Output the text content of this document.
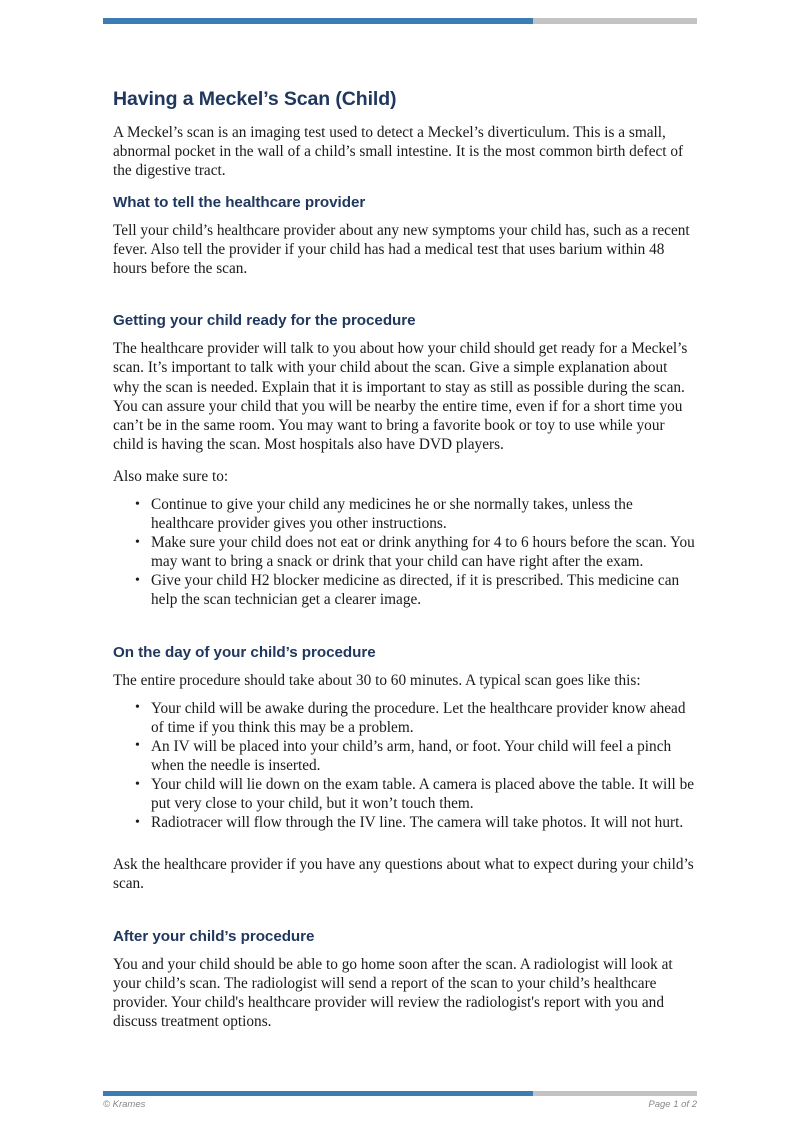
Having a Meckel’s Scan (Child)

A Meckel’s scan is an imaging test used to detect a Meckel’s diverticulum. This is a small, abnormal pocket in the wall of a child’s small intestine. It is the most common birth defect of the digestive tract.

What to tell the healthcare provider

Tell your child’s healthcare provider about any new symptoms your child has, such as a recent fever. Also tell the provider if your child has had a medical test that uses barium within 48 hours before the scan.

Getting your child ready for the procedure

The healthcare provider will talk to you about how your child should get ready for a Meckel’s scan. It’s important to talk with your child about the scan. Give a simple explanation about why the scan is needed. Explain that it is important to stay as still as possible during the scan. You can assure your child that you will be nearby the entire time, even if for a short time you can’t be in the same room. You may want to bring a favorite book or toy to use while your child is having the scan. Most hospitals also have DVD players.

Also make sure to:

• Continue to give your child any medicines he or she normally takes, unless the healthcare provider gives you other instructions.
• Make sure your child does not eat or drink anything for 4 to 6 hours before the scan. You may want to bring a snack or drink that your child can have right after the exam.
• Give your child H2 blocker medicine as directed, if it is prescribed. This medicine can help the scan technician get a clearer image.
On the day of your child’s procedure

The entire procedure should take about 30 to 60 minutes. A typical scan goes like this:

• Your child will be awake during the procedure. Let the healthcare provider know ahead of time if you think this may be a problem.
• An IV will be placed into your child’s arm, hand, or foot. Your child will feel a pinch when the needle is inserted.
• Your child will lie down on the exam table. A camera is placed above the table. It will be put very close to your child, but it won’t touch them.
• Radiotracer will flow through the IV line. The camera will take photos. It will not hurt.

Ask the healthcare provider if you have any questions about what to expect during your child’s scan.

After your child’s procedure

You and your child should be able to go home soon after the scan. A radiologist will look at your child’s scan. The radiologist will send a report of the scan to your child’s healthcare provider. Your child's healthcare provider will review the radiologist's report with you and discuss treatment options.

© Krames	Page 1 of 2
